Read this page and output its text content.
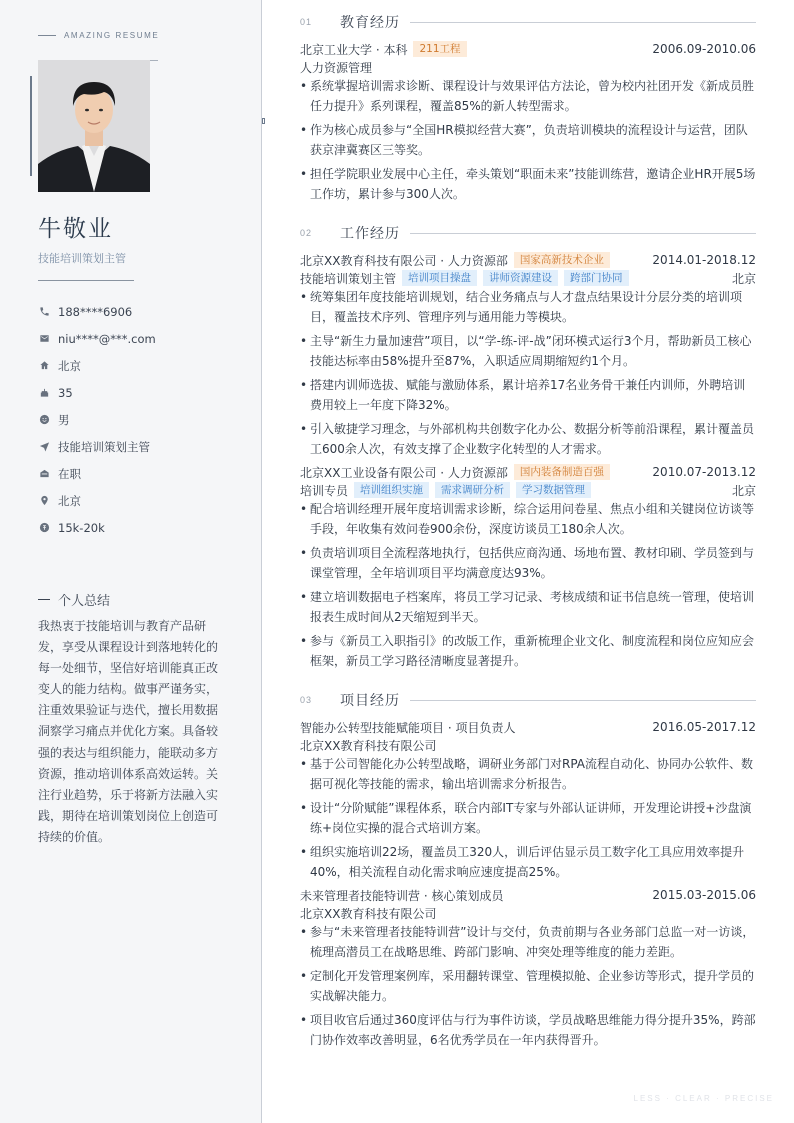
AMAZING RESUME
牛敬业
技能培训策划主管
188****6906
niu****@***.com
北京
35
男
技能培训策划主管
在职
北京
15k-20k
个人总结

我热衷于技能培训与教育产品研发，享受从课程设计到落地转化的每一处细节，坚信好培训能真正改变人的能力结构。做事严谨务实，注重效果验证与迭代，擅长用数据洞察学习痛点并优化方案。具备较强的表达与组织能力，能联动多方资源，推动培训体系高效运转。关注行业趋势，乐于将新方法融入实践，期待在培训策划岗位上创造可持续的价值。

01	教育经历
北京工业大学 · 本科	211工程	2006.09-2010.06
人力资源管理
• 系统掌握培训需求诊断、课程设计与效果评估方法论，曾为校内社团开发《新成员胜任力提升》系列课程，覆盖85%的新人转型需求。
• 作为核心成员参与“全国HR模拟经营大赛”，负责培训模块的流程设计与运营，团队获京津冀赛区三等奖。
• 担任学院职业发展中心主任，牵头策划“职面未来”技能训练营，邀请企业HR开展5场工作坊，累计参与300人次。
02	工作经历
北京XX教育科技有限公司 · 人力资源部	国家高新技术企业	2014.01-2018.12
技能培训策划主管	培训项目操盘	讲师资源建设	跨部门协同	北京
• 统筹集团年度技能培训规划，结合业务痛点与人才盘点结果设计分层分类的培训项目，覆盖技术序列、管理序列与通用能力等模块。
• 主导“新生力量加速营”项目，以“学-练-评-战”闭环模式运行3个月，帮助新员工核心技能达标率由58%提升至87%，入职适应周期缩短约1个月。
• 搭建内训师选拔、赋能与激励体系，累计培养17名业务骨干兼任内训师，外聘培训费用较上一年度下降32%。
• 引入敏捷学习理念，与外部机构共创数字化办公、数据分析等前沿课程，累计覆盖员工600余人次，有效支撑了企业数字化转型的人才需求。
北京XX工业设备有限公司 · 人力资源部	国内装备制造百强	2010.07-2013.12
培训专员	培训组织实施	需求调研分析	学习数据管理	北京
• 配合培训经理开展年度培训需求诊断，综合运用问卷星、焦点小组和关键岗位访谈等手段，年收集有效问卷900余份，深度访谈员工180余人次。
• 负责培训项目全流程落地执行，包括供应商沟通、场地布置、教材印刷、学员签到与课堂管理，全年培训项目平均满意度达93%。
• 建立培训数据电子档案库，将员工学习记录、考核成绩和证书信息统一管理，使培训报表生成时间从2天缩短到半天。
• 参与《新员工入职指引》的改版工作，重新梳理企业文化、制度流程和岗位应知应会框架，新员工学习路径清晰度显著提升。
03	项目经历
智能办公转型技能赋能项目 · 项目负责人	2016.05-2017.12
北京XX教育科技有限公司
• 基于公司智能化办公转型战略，调研业务部门对RPA流程自动化、协同办公软件、数据可视化等技能的需求，输出培训需求分析报告。
• 设计“分阶赋能”课程体系，联合内部IT专家与外部认证讲师，开发理论讲授+沙盘演练+岗位实操的混合式培训方案。
• 组织实施培训22场，覆盖员工320人，训后评估显示员工数字化工具应用效率提升40%，相关流程自动化需求响应速度提高25%。
未来管理者技能特训营 · 核心策划成员	2015.03-2015.06
北京XX教育科技有限公司
• 参与“未来管理者技能特训营”设计与交付，负责前期与各业务部门总监一对一访谈，梳理高潜员工在战略思维、跨部门影响、冲突处理等维度的能力差距。
• 定制化开发管理案例库，采用翻转课堂、管理模拟舱、企业参访等形式，提升学员的实战解决能力。
• 项目收官后通过360度评估与行为事件访谈，学员战略思维能力得分提升35%，跨部门协作效率改善明显，6名优秀学员在一年内获得晋升。
LESS · CLEAR · PRECISE
